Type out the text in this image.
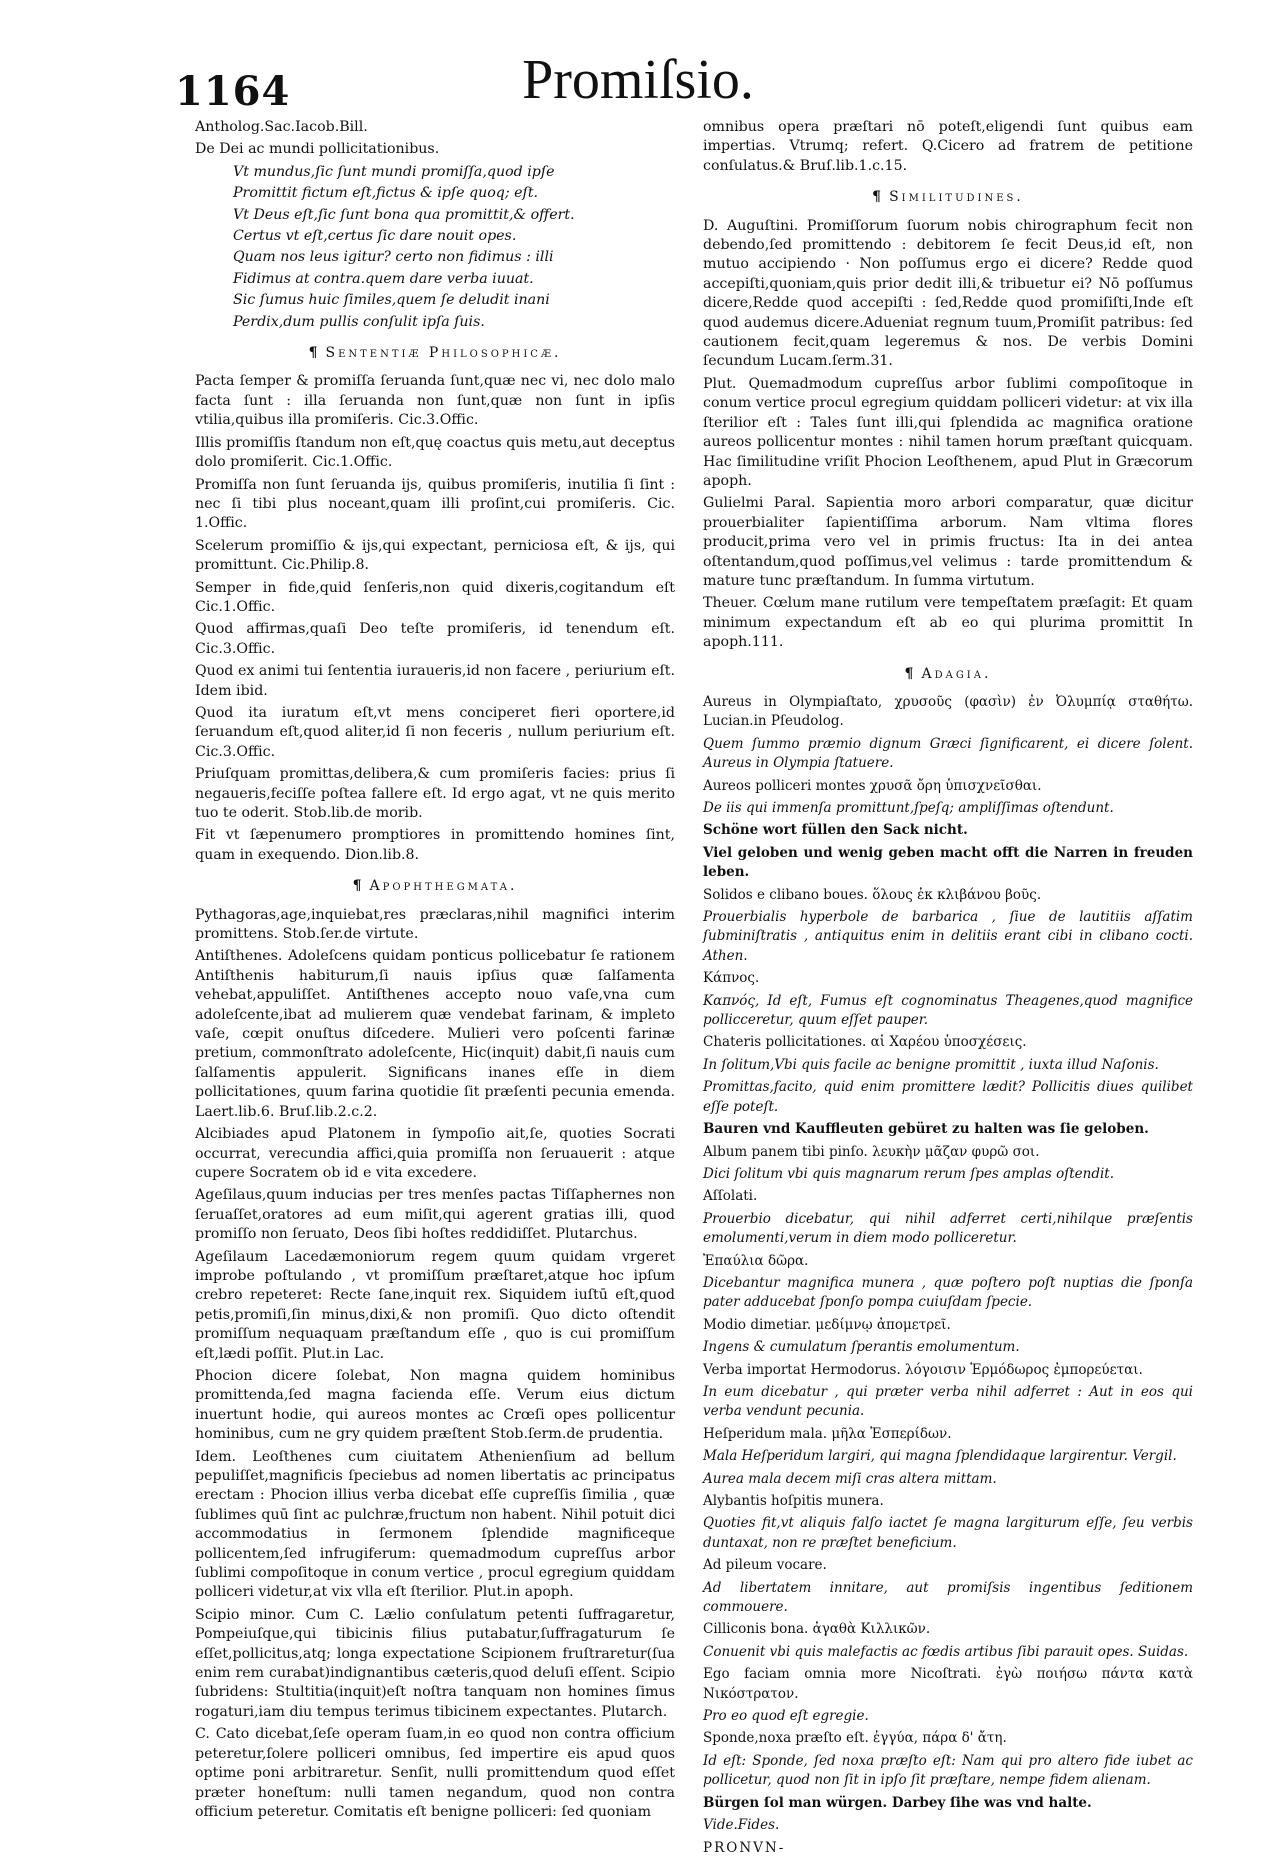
1164	Promiſsio.

Antholog.Sac.Iacob.Bill.

De Dei ac mundi pollicitationibus.

Vt mundus,ſic ſunt mundi promiſſa,quod ipſe

Promittit fictum eſt,fictus & ipſe quoq; eſt.

Vt Deus eſt,ſic ſunt bona qua promittit,& offert.

Certus vt eſt,certus ſic dare nouit opes.

Quam nos leus igitur? certo non fidimus : illi

Fidimus at contra.quem dare verba iuuat.

Sic ſumus huic ſimiles,quem ſe deludit inani

Perdix,dum pullis conſulit ipſa ſuis.

¶ Sententiæ Philosophicæ.

Pacta ſemper & promiſſa ſeruanda ſunt,quæ nec vi, nec dolo malo facta ſunt : illa ſeruanda non ſunt,quæ non ſunt in ipſis vtilia,quibus illa promiſeris. Cic.3.Offic.

Illis promiſſis ſtandum non eſt,quę coactus quis metu,aut deceptus dolo promiſerit. Cic.1.Offic.

Promiſſa non ſunt ſeruanda ijs, quibus promiſeris, inutilia ſi ſint : nec ſi tibi plus noceant,quam illi proſint,cui promiſeris. Cic. 1.Offic.

Scelerum promiſſio & ijs,qui expectant, perniciosa eſt, & ijs, qui promittunt. Cic.Philip.8.

Semper in fide,quid ſenſeris,non quid dixeris,cogitandum eſt Cic.1.Offic.

Quod affirmas,quaſi Deo teſte promiſeris, id tenendum eſt. Cic.3.Offic.

Quod ex animi tui ſententia iuraueris,id non facere , periurium eſt. Idem ibid.

Quod ita iuratum eſt,vt mens conciperet fieri oportere,id ſeruandum eſt,quod aliter,id ſi non feceris , nullum periurium eſt. Cic.3.Offic.

Priuſquam promittas,delibera,& cum promiſeris facies: prius ſi negaueris,feciſſe poſtea fallere eſt. Id ergo agat, vt ne quis merito tuo te oderit. Stob.lib.de morib.

Fit vt ſæpenumero promptiores in promittendo homines ſint, quam in exequendo. Dion.lib.8.

¶ Apophthegmata.

Pythagoras,age,inquiebat,res præclaras,nihil magnifici interim promittens. Stob.ſer.de virtute.

Antiſthenes. Adoleſcens quidam ponticus pollicebatur ſe rationem Antiſthenis habiturum,ſi nauis ipſius quæ ſalſamenta vehebat,appuliſſet. Antiſthenes accepto nouo vaſe,vna cum adoleſcente,ibat ad mulierem quæ vendebat farinam, & impleto vaſe, cœpit onuſtus diſcedere. Mulieri vero poſcenti farinæ pretium, commonſtrato adoleſcente, Hic(inquit) dabit,ſi nauis cum ſalſamentis appulerit. Significans inanes eſſe in diem pollicitationes, quum farina quotidie ſit præſenti pecunia emenda. Laert.lib.6. Bruſ.lib.2.c.2.

Alcibiades apud Platonem in ſympoſio ait,ſe, quoties Socrati occurrat, verecundia affici,quia promiſſa non ſeruauerit : atque cupere Socratem ob id e vita excedere.

Ageſilaus,quum inducias per tres menſes pactas Tiſſaphernes non ſeruaſſet,oratores ad eum miſit,qui agerent gratias illi, quod promiſſo non ſeruato, Deos ſibi hoſtes reddidiſſet. Plutarchus.

Ageſilaum Lacedæmoniorum regem quum quidam vrgeret improbe poſtulando , vt promiſſum præſtaret,atque hoc ipſum crebro repeteret: Recte ſane,inquit rex. Siquidem iuſtū eſt,quod petis,promiſi,ſin minus,dixi,& non promiſi. Quo dicto oſtendit promiſſum nequaquam præſtandum eſſe , quo is cui promiſſum eſt,lædi poſſit. Plut.in Lac.

Phocion dicere ſolebat, Non magna quidem hominibus promittenda,ſed magna facienda eſſe. Verum eius dictum inuertunt hodie, qui aureos montes ac Crœſi opes pollicentur hominibus, cum ne gry quidem præſtent Stob.ſerm.de prudentia.

Idem. Leoſthenes cum ciuitatem Athenienſium ad bellum pepuliſſet,magnificis ſpeciebus ad nomen libertatis ac principatus erectam : Phocion illius verba dicebat eſſe cupreſſis ſimilia , quæ ſublimes quū ſint ac pulchræ,fructum non habent. Nihil potuit dici accommodatius in ſermonem ſplendide magnificeque pollicentem,ſed infrugiferum: quemadmodum cupreſſus arbor ſublimi compoſitoque in conum vertice , procul egregium quiddam polliceri videtur,at vix vlla eſt ſterilior. Plut.in apoph.

Scipio minor. Cum C. Lælio conſulatum petenti ſuffragaretur, Pompeiuſque,qui tibicinis filius putabatur,ſuffragaturum ſe eſſet,pollicitus,atq; longa expectatione Scipionem fruſtraretur(ſua enim rem curabat)indignantibus cæteris,quod deluſi eſſent. Scipio ſubridens: Stultitia(inquit)eſt noſtra tanquam non homines ſimus rogaturi,iam diu tempus terimus tibicinem expectantes. Plutarch.

C. Cato dicebat,ſeſe operam ſuam,in eo quod non contra officium peteretur,ſolere polliceri omnibus, ſed impertire eis apud quos optime poni arbitraretur. Senſit, nulli promittendum quod eſſet præter honeſtum: nulli tamen negandum, quod non contra officium peteretur. Comitatis eſt benigne polliceri: ſed quoniam

omnibus opera præſtari nō poteſt,eligendi ſunt quibus eam impertias. Vtrumq; refert. Q.Cicero ad fratrem de petitione conſulatus.& Bruſ.lib.1.c.15.

¶ Similitudines.

D. Auguſtini. Promiſſorum ſuorum nobis chirographum fecit non debendo,ſed promittendo : debitorem ſe fecit Deus,id eſt, non mutuo accipiendo · Non poſſumus ergo ei dicere? Redde quod accepiſti,quoniam,quis prior dedit illi,& tribuetur ei? Nō poſſumus dicere,Redde quod accepiſti : ſed,Redde quod promiſiſti,Inde eſt quod audemus dicere.Adueniat regnum tuum,Promiſit patribus: ſed cautionem fecit,quam legeremus & nos. De verbis Domini ſecundum Lucam.ſerm.31.

Plut. Quemadmodum cupreſſus arbor ſublimi compoſitoque in conum vertice procul egregium quiddam polliceri videtur: at vix illa ſterilior eſt : Tales ſunt illi,qui ſplendida ac magnifica oratione aureos pollicentur montes : nihil tamen horum præſtant quicquam. Hac ſimilitudine vriſit Phocion Leoſthenem, apud Plut in Græcorum apoph.

Gulielmi Paral. Sapientia moro arbori comparatur, quæ dicitur prouerbialiter ſapientiſſima arborum. Nam vltima flores producit,prima vero vel in primis fructus: Ita in dei antea oſtentandum,quod poſſimus,vel velimus : tarde promittendum & mature tunc præſtandum. In ſumma virtutum.

Theuer. Cœlum mane rutilum vere tempeſtatem præſagit: Et quam minimum expectandum eſt ab eo qui plurima promittit In apoph.111.

¶ Adagia.

Aureus in Olympiaſtato, χρυσοῦς (φασὶν) ἐν Ὀλυμπίᾳ σταθήτω. Lucian.in Pſeudolog.

Quem ſummo præmio dignum Græci ſignificarent, ei dicere ſolent. Aureus in Olympia ſtatuere.

Aureos polliceri montes χρυσᾶ ὄρη ὑπισχνεῖσθαι.

De iis qui immenſa promittunt,ſpeſq; ampliſſimas oſtendunt.

Schöne wort füllen den Sack nicht.

Viel geloben und wenig geben macht offt die Narren in freuden leben.

Solidos e clibano boues. ὅλους ἐκ κλιβάνου βοῦς.

Prouerbialis hyperbole de barbarica , ſiue de lautitiis aſſatim ſubminiſtratis , antiquitus enim in delitiis erant cibi in clibano cocti. Athen.

Κάπνος.

Καπνός, Id eſt, Fumus eſt cognominatus Theagenes,quod magnifice pollicceretur, quum eſſet pauper.

Chateris pollicitationes. αἱ Χαρέου ὑποσχέσεις.

In ſolitum,Vbi quis facile ac benigne promittit , iuxta illud Naſonis.

Promittas,facito, quid enim promittere lædit? Pollicitis diues quilibet eſſe poteſt.

Bauren vnd Kauffleuten gebüret zu halten was ſie geloben.

Album panem tibi pinſo. λευκὴν μᾶζαν φυρῶ σοι.

Dici ſolitum vbi quis magnarum rerum ſpes amplas oſtendit.

Aſſolati.

Prouerbio dicebatur, qui nihil adferret certi,nihilque præſentis emolumenti,verum in diem modo polliceretur.

Ἐπαύλια δῶρα.

Dicebantur magnifica munera , quæ poſtero poſt nuptias die ſponſa pater adducebat ſponſo pompa cuiuſdam ſpecie.

Modio dimetiar. μεδίμνῳ ἀπομετρεῖ.

Ingens & cumulatum ſperantis emolumentum.

Verba importat Hermodorus. λόγοισιν Ἑρμόδωρος ἐμπορεύεται.

In eum dicebatur , qui præter verba nihil adferret : Aut in eos qui verba vendunt pecunia.

Heſperidum mala. μῆλα Ἑσπερίδων.

Mala Heſperidum largiri, qui magna ſplendidaque largirentur. Vergil.

Aurea mala decem miſi cras altera mittam.

Alybantis hoſpitis munera.

Quoties fit,vt aliquis falſo iactet ſe magna largiturum eſſe, ſeu verbis duntaxat, non re præſtet beneficium.

Ad pileum vocare.

Ad libertatem innitare, aut promiſsis ingentibus ſeditionem commouere.

Cilliconis bona. ἀγαθὰ Κιλλικῶν.

Conuenit vbi quis malefactis ac fœdis artibus ſibi parauit opes. Suidas.

Ego faciam omnia more Nicoſtrati. ἐγὼ ποιήσω πάντα κατὰ Νικόστρατον.

Pro eo quod eſt egregie.

Sponde,noxa præſto eſt. ἐγγύα, πάρα δ' ἄτη.

Id eſt: Sponde, ſed noxa præſto eſt: Nam qui pro altero fide iubet ac pollicetur, quod non ſit in ipſo ſit præſtare, nempe fidem alienam.

Bürgen ſol man würgen. Darbey ſihe was vnd halte.

Vide.Fides.

PRONVN-
